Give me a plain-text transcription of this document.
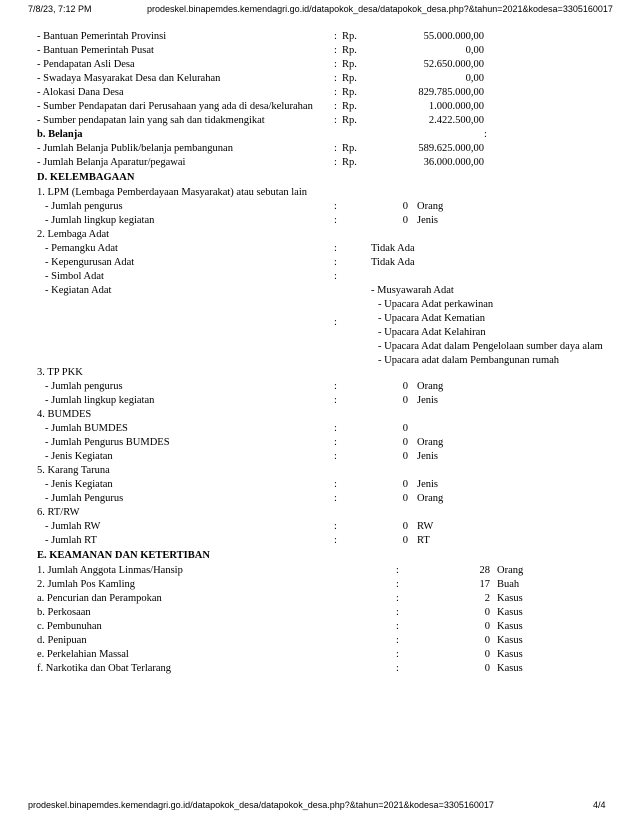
7/8/23, 7:12 PM	prodeskel.binapemdes.kemendagri.go.id/datapokok_desa/datapokok_desa.php?&tahun=2021&kodesa=3305160017
- Bantuan Pemerintah Provinsi	: Rp.	55.000.000,00
- Bantuan Pemerintah Pusat	: Rp.	0,00
- Pendapatan Asli Desa	: Rp.	52.650.000,00
- Swadaya Masyarakat Desa dan Kelurahan	: Rp.	0,00
- Alokasi Dana Desa	: Rp.	829.785.000,00
- Sumber Pendapatan dari Perusahaan yang ada di desa/kelurahan : Rp.	1.000.000,00
- Sumber pendapatan lain yang sah dan tidakmengikat	: Rp.	2.422.500,00
b. Belanja	:
- Jumlah Belanja Publik/belanja pembangunan	: Rp.	589.625.000,00
- Jumlah Belanja Aparatur/pegawai	: Rp.	36.000.000,00
D. KELEMBAGAAN
1. LPM (Lembaga Pemberdayaan Masyarakat) atau sebutan lain
- Jumlah pengurus	:	0 Orang
- Jumlah lingkup kegiatan	:	0 Jenis
2. Lembaga Adat
- Pemangku Adat	:	Tidak Ada
- Kepengurusan Adat	:	Tidak Ada
- Simbol Adat	:
- Kegiatan Adat
:
- Musyawarah Adat
- Upacara Adat perkawinan
- Upacara Adat Kematian
- Upacara Adat Kelahiran
- Upacara Adat dalam Pengelolaan sumber daya alam
- Upacara adat dalam Pembangunan rumah
3. TP PKK
- Jumlah pengurus	:	0 Orang
- Jumlah lingkup kegiatan	:	0 Jenis
4. BUMDES
- Jumlah BUMDES	:	0
- Jumlah Pengurus BUMDES	:	0 Orang
- Jenis Kegiatan	:	0 Jenis
5. Karang Taruna
- Jenis Kegiatan	:	0 Jenis
- Jumlah Pengurus	:	0 Orang
6. RT/RW
- Jumlah RW	:	0 RW
- Jumlah RT	:	0 RT
E. KEAMANAN DAN KETERTIBAN
1. Jumlah Anggota Linmas/Hansip	:	28 Orang
2. Jumlah Pos Kamling	:	17 Buah
a. Pencurian dan Perampokan	:	2 Kasus
b. Perkosaan	:	0 Kasus
c. Pembunuhan	:	0 Kasus
d. Penipuan	:	0 Kasus
e. Perkelahian Massal	:	0 Kasus
f. Narkotika dan Obat Terlarang	:	0 Kasus
prodeskel.binapemdes.kemendagri.go.id/datapokok_desa/datapokok_desa.php?&tahun=2021&kodesa=3305160017	4/4
